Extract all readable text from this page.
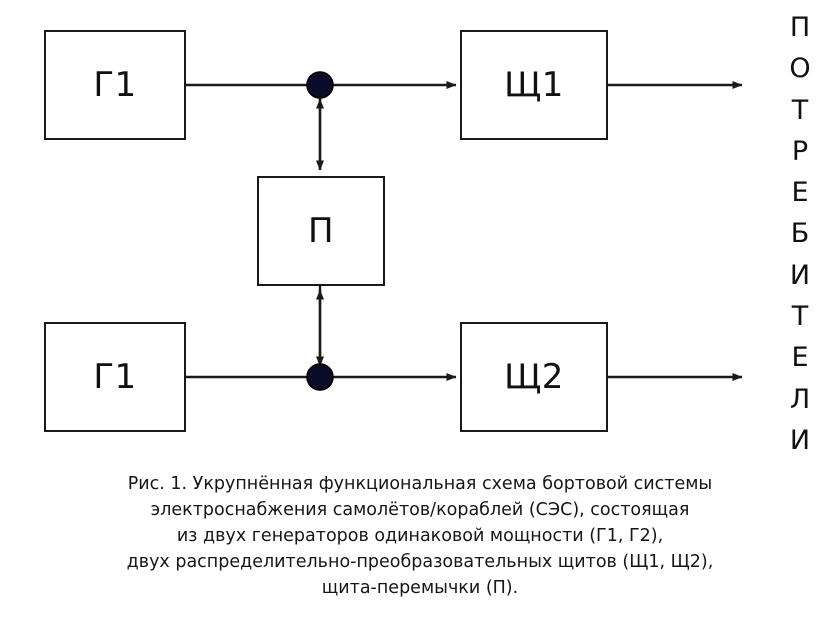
Г1
Г1
Щ1
Щ2
П
П
О
Т
Р
Е
Б
И
Т
Е
Л
И
Рис. 1. Укрупнённая функциональная схема бортовой системы
электроснабжения самолётов/кораблей (СЭС), состоящая
из двух генераторов одинаковой мощности (Г1, Г2),
двух распределительно-преобразовательных щитов (Щ1, Щ2),
щита-перемычки (П).
